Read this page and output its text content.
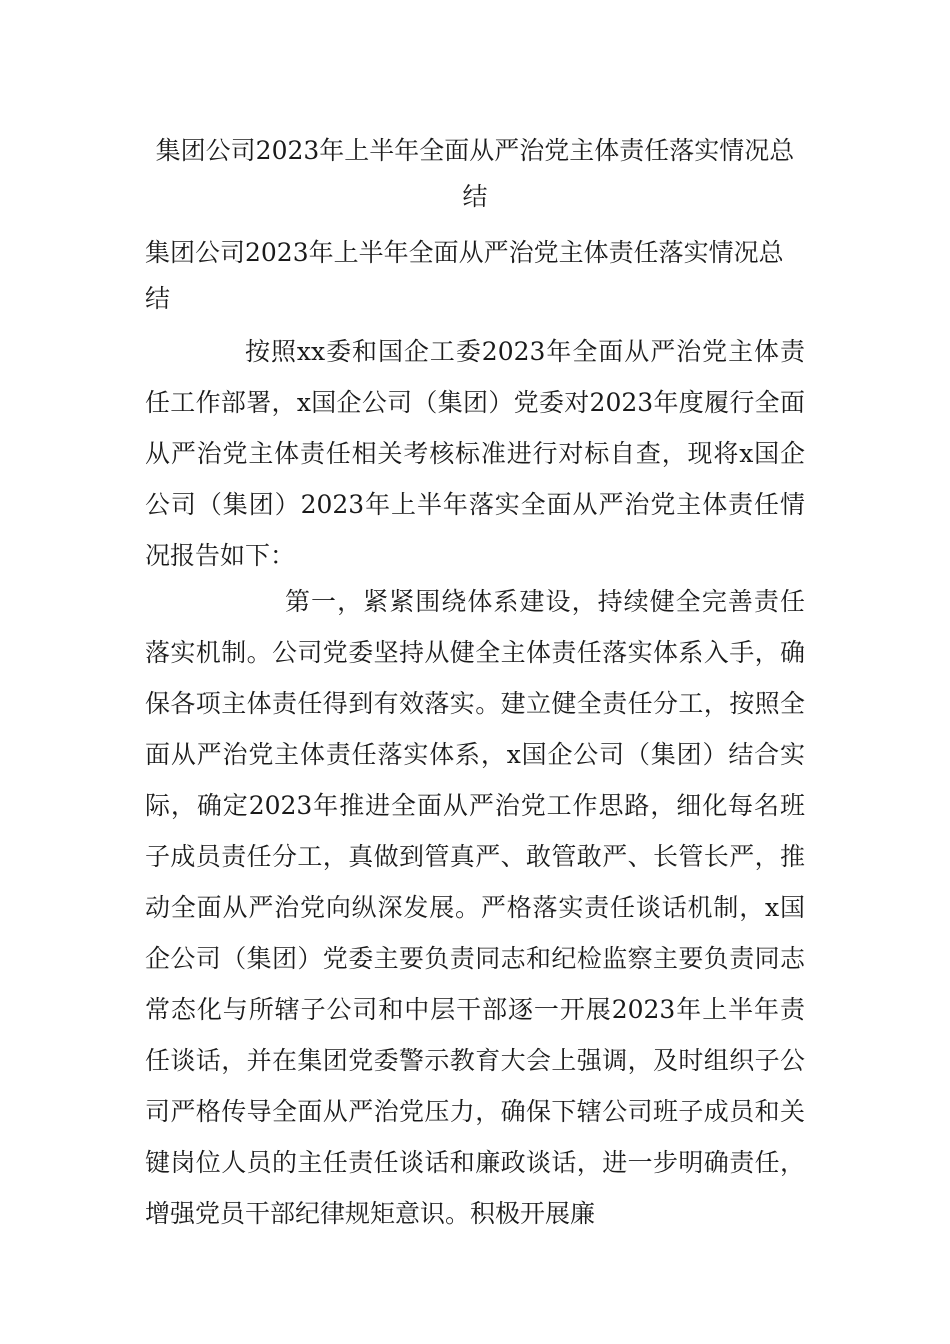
集团公司2023年上半年全面从严治党主体责任落实情况总结
集团公司2023年上半年全面从严治党主体责任落实情况总结

按照xx委和国企工委2023年全面从严治党主体责任工作部署，x国企公司（集团）党委对2023年度履行全面从严治党主体责任相关考核标准进行对标自查，现将x国企公司（集团）2023年上半年落实全面从严治党主体责任情况报告如下：

第一，紧紧围绕体系建设，持续健全完善责任落实机制。公司党委坚持从健全主体责任落实体系入手，确保各项主体责任得到有效落实。建立健全责任分工，按照全面从严治党主体责任落实体系，x国企公司（集团）结合实际，确定2023年推进全面从严治党工作思路，细化每名班子成员责任分工，真做到管真严、敢管敢严、长管长严，推动全面从严治党向纵深发展。严格落实责任谈话机制，x国企公司（集团）党委主要负责同志和纪检监察主要负责同志常态化与所辖子公司和中层干部逐一开展2023年上半年责任谈话，并在集团党委警示教育大会上强调，及时组织子公司严格传导全面从严治党压力，确保下辖公司班子成员和关键岗位人员的主任责任谈话和廉政谈话，进一步明确责任，增强党员干部纪律规矩意识。积极开展廉
